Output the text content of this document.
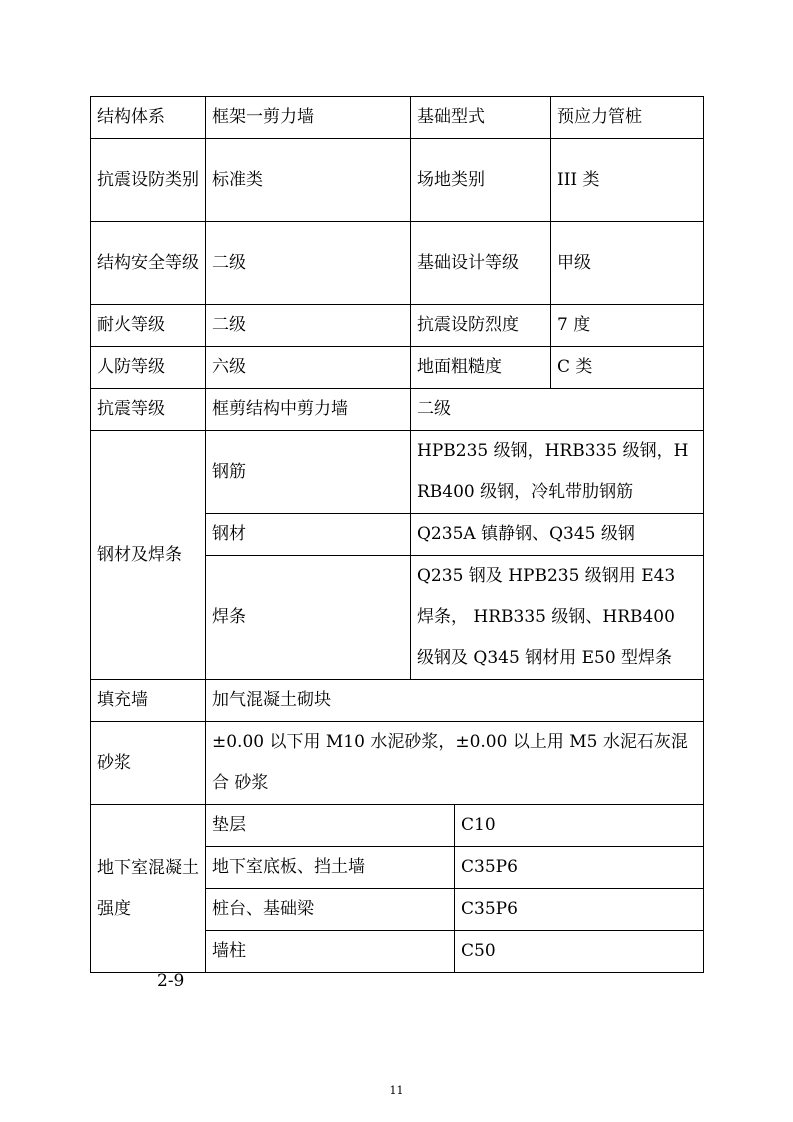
结构体系	框架一剪力墙	基础型式		预应力管桩
抗震设防类别	标准类	场地类别		III 类
结构安全等级	二级	基础设计等级		甲级
耐火等级	二级	抗震设防烈度		7 度
人防等级	六级	地面粗糙度		C 类
抗震等级	框剪结构中剪力墙	二级		
钢材及焊条	钢筋	HPB235 级钢，HRB335 级钢，HRB400 级钢，冷轧带肋钢筋		
	钢材	Q235A 镇静钢、Q345 级钢		
	焊条	Q235 钢及 HPB235 级钢用 E43 焊条， HRB335 级钢、HRB400 级钢及 Q345 钢材用 E50 型焊条		
填充墙	加气混凝土砌块			
砂浆	±0.00 以下用 M10 水泥砂浆，±0.00 以上用 M5 水泥石灰混合 砂浆			
地下室混凝土强度	垫层		C10	
	地下室底板、挡土墙		C35P6	
	桩台、基础梁		C35P6	
	墙柱		C50	
2-9
11
